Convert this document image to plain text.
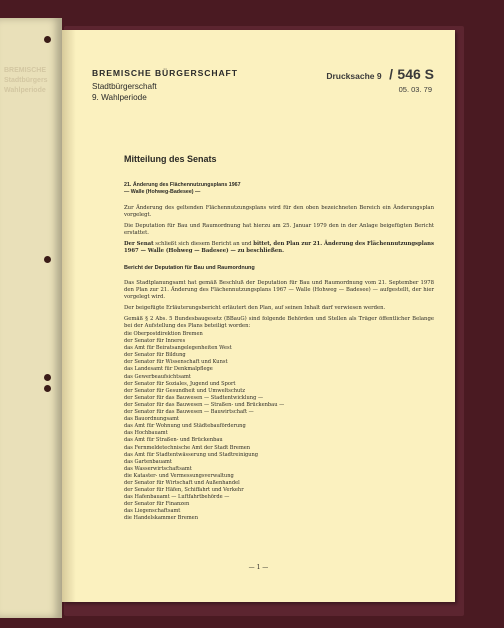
BREMISCHE
Stadtbürgers
Wahlperiode
BREMISCHE BÜRGERSCHAFT
Stadtbürgerschaft
9. Wahlperiode
Drucksache 9 / 546 S
05. 03. 79
Mitteilung des Senats
21. Änderung des Flächennutzungsplans 1967
— Walle (Hohweg-Badesee) —

Zur Änderung des geltenden Flächennutzungsplans wird für den oben bezeichneten Bereich ein Änderungsplan vorgelegt.

Die Deputation für Bau und Raumordnung hat hierzu am 25. Januar 1979 den in der Anlage beigefügten Bericht erstattet.

Der Senat schließt sich diesem Bericht an und bittet, den Plan zur 21. Änderung des Flächennutzungsplans 1967 — Walle (Hohweg — Badesee) — zu beschließen.

Bericht der Deputation für Bau und Raumordnung

Das Stadtplanungsamt hat gemäß Beschluß der Deputation für Bau und Raumordnung vom 21. September 1978 den Plan zur 21. Änderung des Flächennutzungsplans 1967 — Walle (Hohweg — Badesee) — aufgestellt, der hier vorgelegt wird.

Der beigefügte Erläuterungsbericht erläutert den Plan, auf seinen Inhalt darf verwiesen werden.

Gemäß § 2 Abs. 5 Bundesbaugesetz (BBauG) sind folgende Behörden und Stellen als Träger öffentlicher Belange bei der Aufstellung des Plans beteiligt worden:

die Oberpostdirektion Bremen
der Senator für Inneres
das Amt für Beiratsangelegenheiten West
der Senator für Bildung
der Senator für Wissenschaft und Kunst
das Landesamt für Denkmalpflege
das Gewerbeaufsichtsamt
der Senator für Soziales, Jugend und Sport
der Senator für Gesundheit und Umweltschutz
der Senator für das Bauwesen — Stadtentwicklung —
der Senator für das Bauwesen — Straßen- und Brückenbau —
der Senator für das Bauwesen — Bauwirtschaft —
das Bauordnungsamt
das Amt für Wohnung und Städtebauförderung
das Hochbauamt
das Amt für Straßen- und Brückenbau
das Fernmeldetechnische Amt der Stadt Bremen
das Amt für Stadtentwässerung und Stadtreinigung
das Gartenbauamt
das Wasserwirtschaftsamt
die Kataster- und Vermessungsverwaltung
der Senator für Wirtschaft und Außenhandel
der Senator für Häfen, Schiffahrt und Verkehr
das Hafenbauamt — Luftfahrtbehörde —
der Senator für Finanzen
das Liegenschaftsamt
die Handelskammer Bremen
— 1 —
